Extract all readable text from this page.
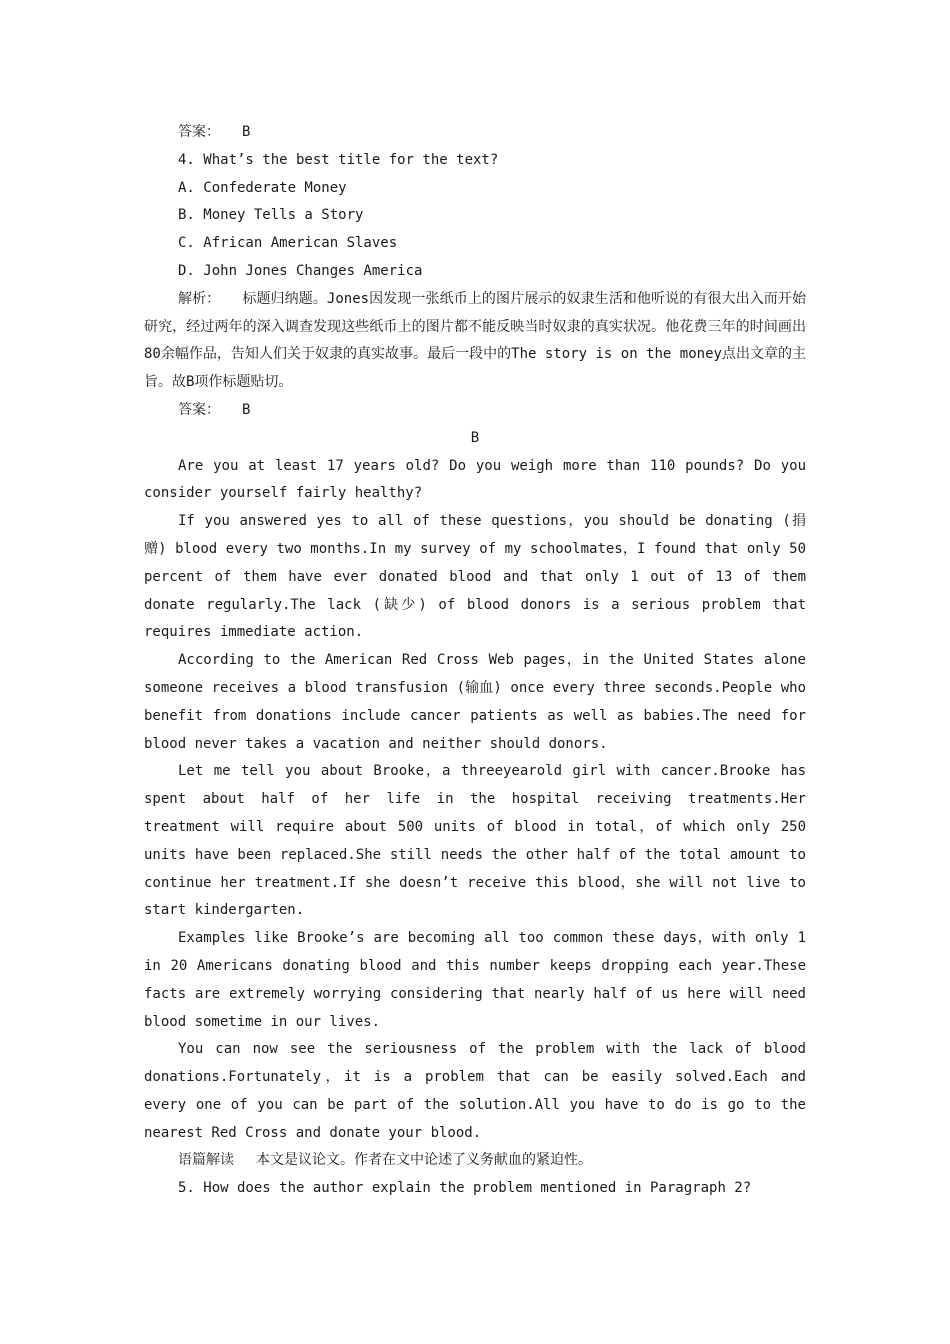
答案： B
4. What’s the best title for the text?
A. Confederate Money
B. Money Tells a Story
C. African American Slaves
D. John Jones Changes America
解析： 标题归纳题。Jones因发现一张纸币上的图片展示的奴隶生活和他听说的有很大出入而开始研究，经过两年的深入调查发现这些纸币上的图片都不能反映当时奴隶的真实状况。他花费三年的时间画出80余幅作品，告知人们关于奴隶的真实故事。最后一段中的The story is on the money点出文章的主旨。故B项作标题贴切。
答案： B
B
Are you at least 17 years old? Do you weigh more than 110 pounds? Do you consider yourself fairly healthy?
If you answered yes to all of these questions，you should be donating (捐赠) blood every two months.In my survey of my schoolmates，I found that only 50 percent of them have ever donated blood and that only 1 out of 13 of them donate regularly.The lack (缺少) of blood donors is a serious problem that requires immediate action.
According to the American Red Cross Web pages，in the United States alone someone receives a blood transfusion (输血) once every three seconds.People who benefit from donations include cancer patients as well as babies.The need for blood never takes a vacation and neither should donors.
Let me tell you about Brooke，a threeyearold girl with cancer.Brooke has spent about half of her life in the hospital receiving treatments.Her treatment will require about 500 units of blood in total，of which only 250 units have been replaced.She still needs the other half of the total amount to continue her treatment.If she doesn’t receive this blood，she will not live to start kindergarten.
Examples like Brooke’s are becoming all too common these days，with only 1 in 20 Americans donating blood and this number keeps dropping each year.These facts are extremely worrying considering that nearly half of us here will need blood sometime in our lives.
You can now see the seriousness of the problem with the lack of blood donations.Fortunately，it is a problem that can be easily solved.Each and every one of you can be part of the solution.All you have to do is go to the nearest Red Cross and donate your blood.
语篇解读 本文是议论文。作者在文中论述了义务献血的紧迫性。
5. How does the author explain the problem mentioned in Paragraph 2?
